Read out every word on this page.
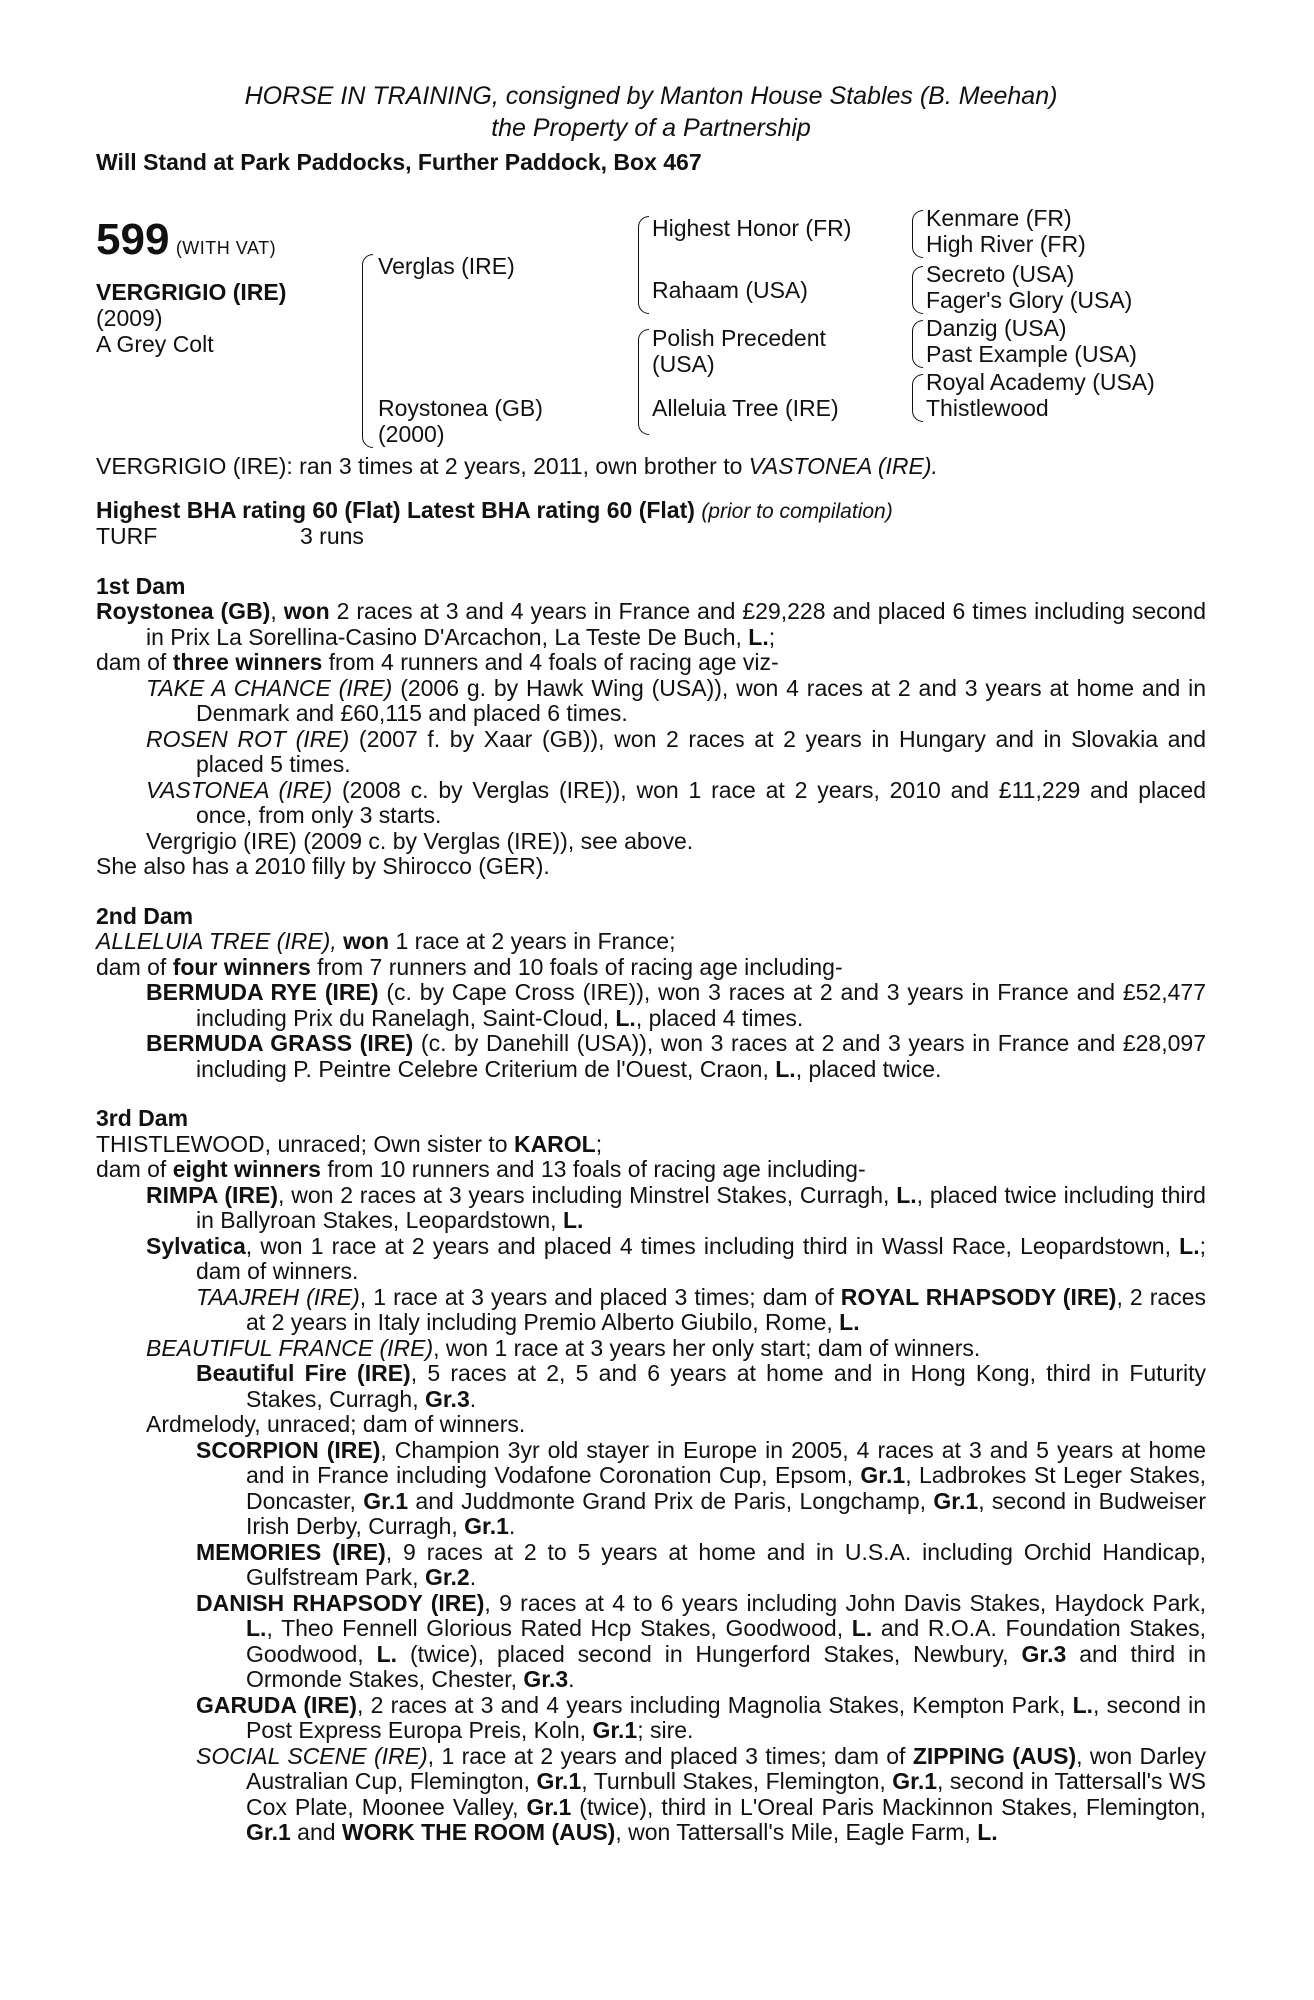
HORSE IN TRAINING, consigned by Manton House Stables (B. Meehan)
the Property of a Partnership
Will Stand at Park Paddocks, Further Paddock, Box 467
599 (WITH VAT)
VERGRIGIO (IRE)
(2009)
A Grey Colt
Verglas (IRE)
Roystonea (GB)
(2000)
Highest Honor (FR)
Rahaam (USA)
Polish Precedent
(USA)
Alleluia Tree (IRE)
Kenmare (FR)
High River (FR)
Secreto (USA)
Fager's Glory (USA)
Danzig (USA)
Past Example (USA)
Royal Academy (USA)
Thistlewood

VERGRIGIO (IRE): ran 3 times at 2 years, 2011, own brother to VASTONEA (IRE).

Highest BHA rating 60 (Flat) Latest BHA rating 60 (Flat) (prior to compilation)

TURF	3 runs

1st Dam

Roystonea (GB), won 2 races at 3 and 4 years in France and £29,228 and placed 6 times including second in Prix La Sorellina-Casino D'Arcachon, La Teste De Buch, L.;

dam of three winners from 4 runners and 4 foals of racing age viz-

TAKE A CHANCE (IRE) (2006 g. by Hawk Wing (USA)), won 4 races at 2 and 3 years at home and in Denmark and £60,115 and placed 6 times.

ROSEN ROT (IRE) (2007 f. by Xaar (GB)), won 2 races at 2 years in Hungary and in Slovakia and placed 5 times.

VASTONEA (IRE) (2008 c. by Verglas (IRE)), won 1 race at 2 years, 2010 and £11,229 and placed once, from only 3 starts.

Vergrigio (IRE) (2009 c. by Verglas (IRE)), see above.

She also has a 2010 filly by Shirocco (GER).

2nd Dam

ALLELUIA TREE (IRE), won 1 race at 2 years in France;

dam of four winners from 7 runners and 10 foals of racing age including-

BERMUDA RYE (IRE) (c. by Cape Cross (IRE)), won 3 races at 2 and 3 years in France and £52,477 including Prix du Ranelagh, Saint-Cloud, L., placed 4 times.

BERMUDA GRASS (IRE) (c. by Danehill (USA)), won 3 races at 2 and 3 years in France and £28,097 including P. Peintre Celebre Criterium de l'Ouest, Craon, L., placed twice.

3rd Dam

THISTLEWOOD, unraced; Own sister to KAROL;

dam of eight winners from 10 runners and 13 foals of racing age including-

RIMPA (IRE), won 2 races at 3 years including Minstrel Stakes, Curragh, L., placed twice including third in Ballyroan Stakes, Leopardstown, L.

Sylvatica, won 1 race at 2 years and placed 4 times including third in Wassl Race, Leopardstown, L.; dam of winners.

TAAJREH (IRE), 1 race at 3 years and placed 3 times; dam of ROYAL RHAPSODY (IRE), 2 races at 2 years in Italy including Premio Alberto Giubilo, Rome, L.

BEAUTIFUL FRANCE (IRE), won 1 race at 3 years her only start; dam of winners.

Beautiful Fire (IRE), 5 races at 2, 5 and 6 years at home and in Hong Kong, third in Futurity Stakes, Curragh, Gr.3.

Ardmelody, unraced; dam of winners.

SCORPION (IRE), Champion 3yr old stayer in Europe in 2005, 4 races at 3 and 5 years at home and in France including Vodafone Coronation Cup, Epsom, Gr.1, Ladbrokes St Leger Stakes, Doncaster, Gr.1 and Juddmonte Grand Prix de Paris, Longchamp, Gr.1, second in Budweiser Irish Derby, Curragh, Gr.1.

MEMORIES (IRE), 9 races at 2 to 5 years at home and in U.S.A. including Orchid Handicap, Gulfstream Park, Gr.2.

DANISH RHAPSODY (IRE), 9 races at 4 to 6 years including John Davis Stakes, Haydock Park, L., Theo Fennell Glorious Rated Hcp Stakes, Goodwood, L. and R.O.A. Foundation Stakes, Goodwood, L. (twice), placed second in Hungerford Stakes, Newbury, Gr.3 and third in Ormonde Stakes, Chester, Gr.3.

GARUDA (IRE), 2 races at 3 and 4 years including Magnolia Stakes, Kempton Park, L., second in Post Express Europa Preis, Koln, Gr.1; sire.

SOCIAL SCENE (IRE), 1 race at 2 years and placed 3 times; dam of ZIPPING (AUS), won Darley Australian Cup, Flemington, Gr.1, Turnbull Stakes, Flemington, Gr.1, second in Tattersall's WS Cox Plate, Moonee Valley, Gr.1 (twice), third in L'Oreal Paris Mackinnon Stakes, Flemington, Gr.1 and WORK THE ROOM (AUS), won Tattersall's Mile, Eagle Farm, L.
